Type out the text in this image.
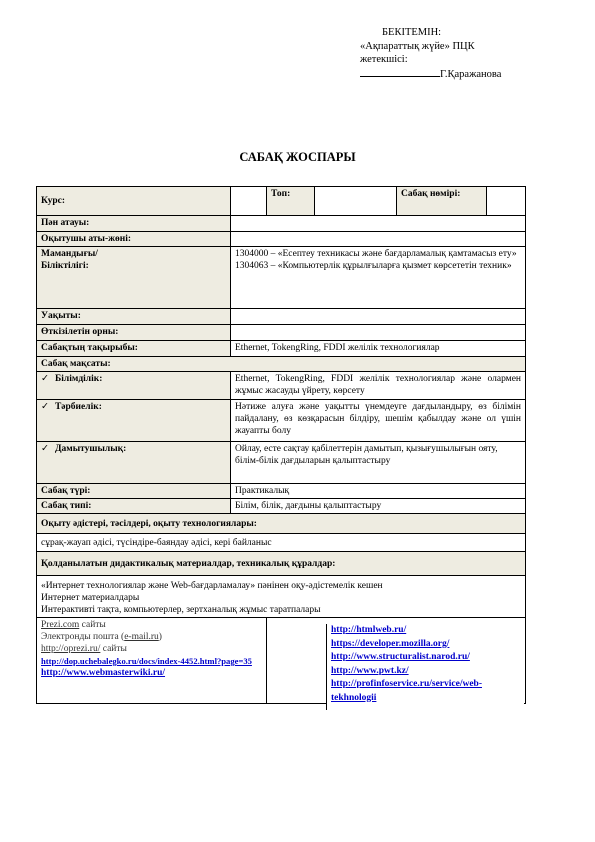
БЕКІТЕМІН:
«Ақпараттық жүйе» ПЦК
жетекшісі:
Г.Қаражанова
САБАҚ ЖОСПАРЫ
Курс:		Топ:		Сабақ нөмірі:	
Пән атауы:					
Оқытушы аты-жөні:					

Мамандығы/
Біліктілігі:	1304000 – «Есептеу техникасы және бағдарламалық қамтамасыз ету»
1304063 – «Компьютерлік құрылғыларға қызмет көрсететін техник»				

Уақыты:					
Өткізілетін орны:					
Сабақтың тақырыбы:	Ethernet, TokengRing, FDDI желілік технологиялар				
Сабақ мақсаты:					
✓ Білімділік:	Ethernet, TokengRing, FDDI желілік технологиялар және олармен жұмыс жасауды үйрету, көрсету				
✓ Тәрбиелік:	Нәтиже алуға және уақытты үнемдеуге дағдыландыру, өз білімін пайдалану, өз көзқарасын білдіру, шешім қабылдау және ол үшін жауапты болу				
✓ Дамытушылық:	Ойлау, есте сақтау қабілеттерін дамытып, қызығушылығын ояту, білім-білік дағдыларын қалыптастыру				
Сабақ түрі:	Практикалық				
Сабақ типі:	Білім, білік, дағдыны қалыптастыру				
Оқыту әдістері, тәсілдері, оқыту технологиялары:					
сұрақ-жауап әдісі, түсіндіре-баяндау әдісі, кері байланыс					
Қолданылатын дидактикалық материалдар, техникалық құралдар:					

«Интернет технологиялар және Web-бағдарламалау» пәнінен оқу-әдістемелік кешен
Интернет материалдары
Интерактивті тақта, компьютерлер, зертханалық жұмыс таратпалары					

Prezi.com сайты
Электронды пошта (e-mail.ru)
http://oprezi.ru/ сайты
http://dop.uchebalegko.ru/docs/index-4452.html?page=35
http://www.webmasterwiki.ru/					

http://htmlweb.ru/
https://developer.mozilla.org/
http://www.structuralist.narod.ru/
http://www.pwt.kz/
http://profinfoservice.ru/service/web-tekhnologii
